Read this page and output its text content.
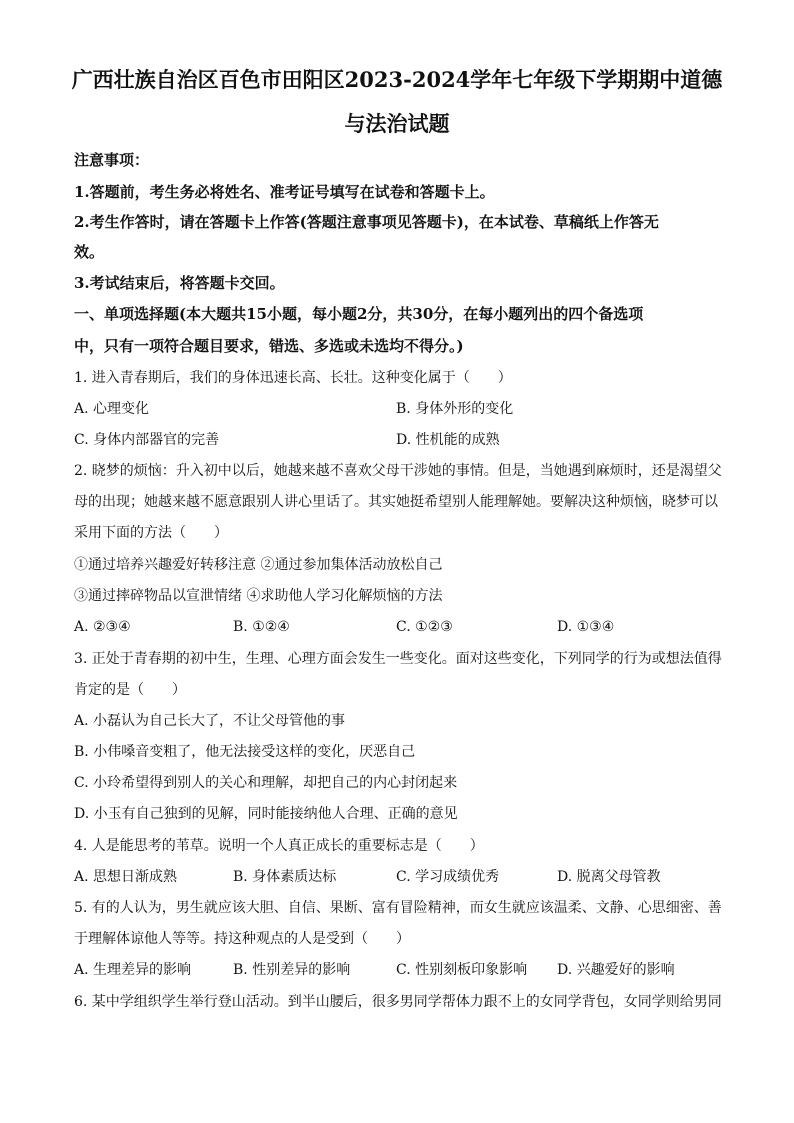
广西壮族自治区百色市田阳区2023-2024学年七年级下学期期中道德
与法治试题
注意事项：
1.答题前，考生务必将姓名、准考证号填写在试卷和答题卡上。
2.考生作答时，请在答题卡上作答(答题注意事项见答题卡)，在本试卷、草稿纸上作答无
效。
3.考试结束后，将答题卡交回。
一、单项选择题(本大题共15小题，每小题2分，共30分，在每小题列出的四个备选项
中，只有一项符合题目要求，错选、多选或未选均不得分。)
1. 进入青春期后，我们的身体迅速长高、长壮。这种变化属于（　　）
A. 心理变化	B. 身体外形的变化
C. 身体内部器官的完善	D. 性机能的成熟
2. 晓梦的烦恼：升入初中以后，她越来越不喜欢父母干涉她的事情。但是，当她遇到麻烦时，还是渴望父
母的出现；她越来越不愿意跟别人讲心里话了。其实她挺希望别人能理解她。要解决这种烦恼，晓梦可以
采用下面的方法（　　）
①通过培养兴趣爱好转移注意 ②通过参加集体活动放松自己
③通过摔碎物品以宣泄情绪 ④求助他人学习化解烦恼的方法
A. ②③④	B. ①②④	C. ①②③	D. ①③④
3. 正处于青春期的初中生，生理、心理方面会发生一些变化。面对这些变化，下列同学的行为或想法值得
肯定的是（　　）
A. 小磊认为自己长大了，不让父母管他的事
B. 小伟嗓音变粗了，他无法接受这样的变化，厌恶自己
C. 小玲希望得到别人的关心和理解，却把自己的内心封闭起来
D. 小玉有自己独到的见解，同时能接纳他人合理、正确的意见
4. 人是能思考的苇草。说明一个人真正成长的重要标志是（　　）
A. 思想日渐成熟	B. 身体素质达标	C. 学习成绩优秀	D. 脱离父母管教
5. 有的人认为，男生就应该大胆、自信、果断、富有冒险精神，而女生就应该温柔、文静、心思细密、善
于理解体谅他人等等。持这种观点的人是受到（　　）
A. 生理差异的影响	B. 性别差异的影响	C. 性别刻板印象影响 D. 兴趣爱好的影响
6. 某中学组织学生举行登山活动。到半山腰后，很多男同学帮体力跟不上的女同学背包，女同学则给男同
